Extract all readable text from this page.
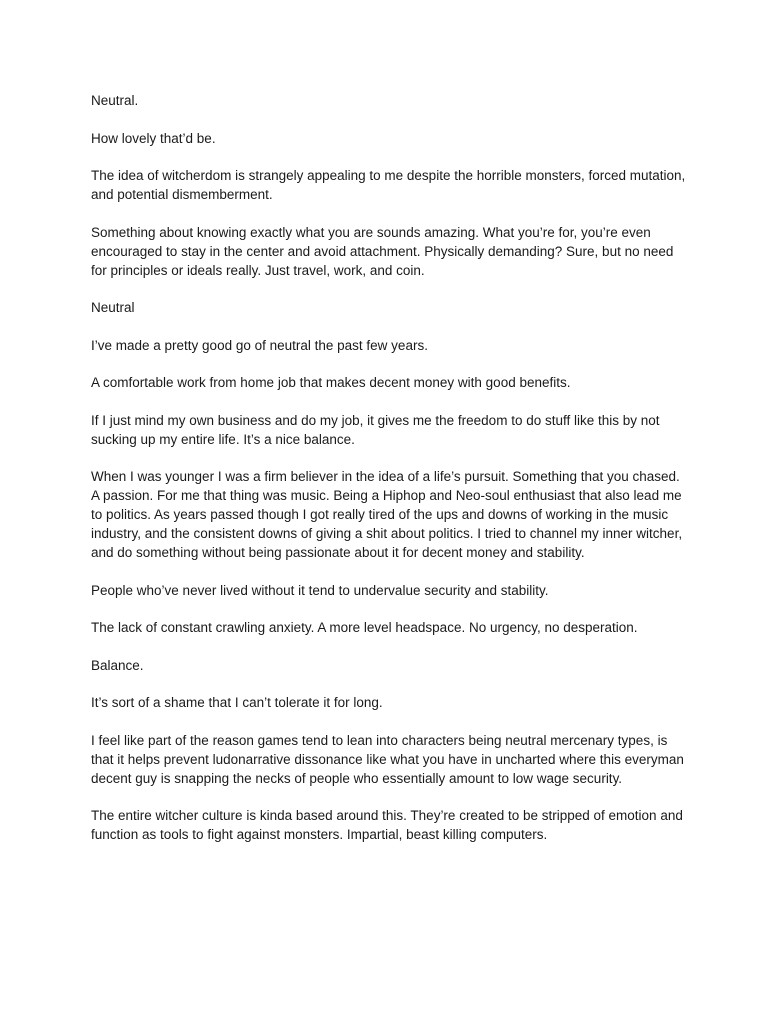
Neutral.

How lovely that’d be.

The idea of witcherdom is strangely appealing to me despite the horrible monsters, forced mutation, and potential dismemberment.

Something about knowing exactly what you are sounds amazing. What you’re for, you’re even encouraged to stay in the center and avoid attachment. Physically demanding? Sure, but no need for principles or ideals really. Just travel, work, and coin.

Neutral

I’ve made a pretty good go of neutral the past few years.

A comfortable work from home job that makes decent money with good benefits.

If I just mind my own business and do my job, it gives me the freedom to do stuff like this by not sucking up my entire life. It’s a nice balance.

When I was younger I was a firm believer in the idea of a life’s pursuit. Something that you chased. A passion. For me that thing was music. Being a Hiphop and Neo-soul enthusiast that also lead me to politics. As years passed though I got really tired of the ups and downs of working in the music industry, and the consistent downs of giving a shit about politics. I tried to channel my inner witcher, and do something without being passionate about it for decent money and stability.

People who’ve never lived without it tend to undervalue security and stability.

The lack of constant crawling anxiety. A more level headspace. No urgency, no desperation.

Balance.

It’s sort of a shame that I can’t tolerate it for long.

I feel like part of the reason games tend to lean into characters being neutral mercenary types, is that it helps prevent ludonarrative dissonance like what you have in uncharted where this everyman decent guy is snapping the necks of people who essentially amount to low wage security.

The entire witcher culture is kinda based around this. They’re created to be stripped of emotion and function as tools to fight against monsters. Impartial, beast killing computers.
